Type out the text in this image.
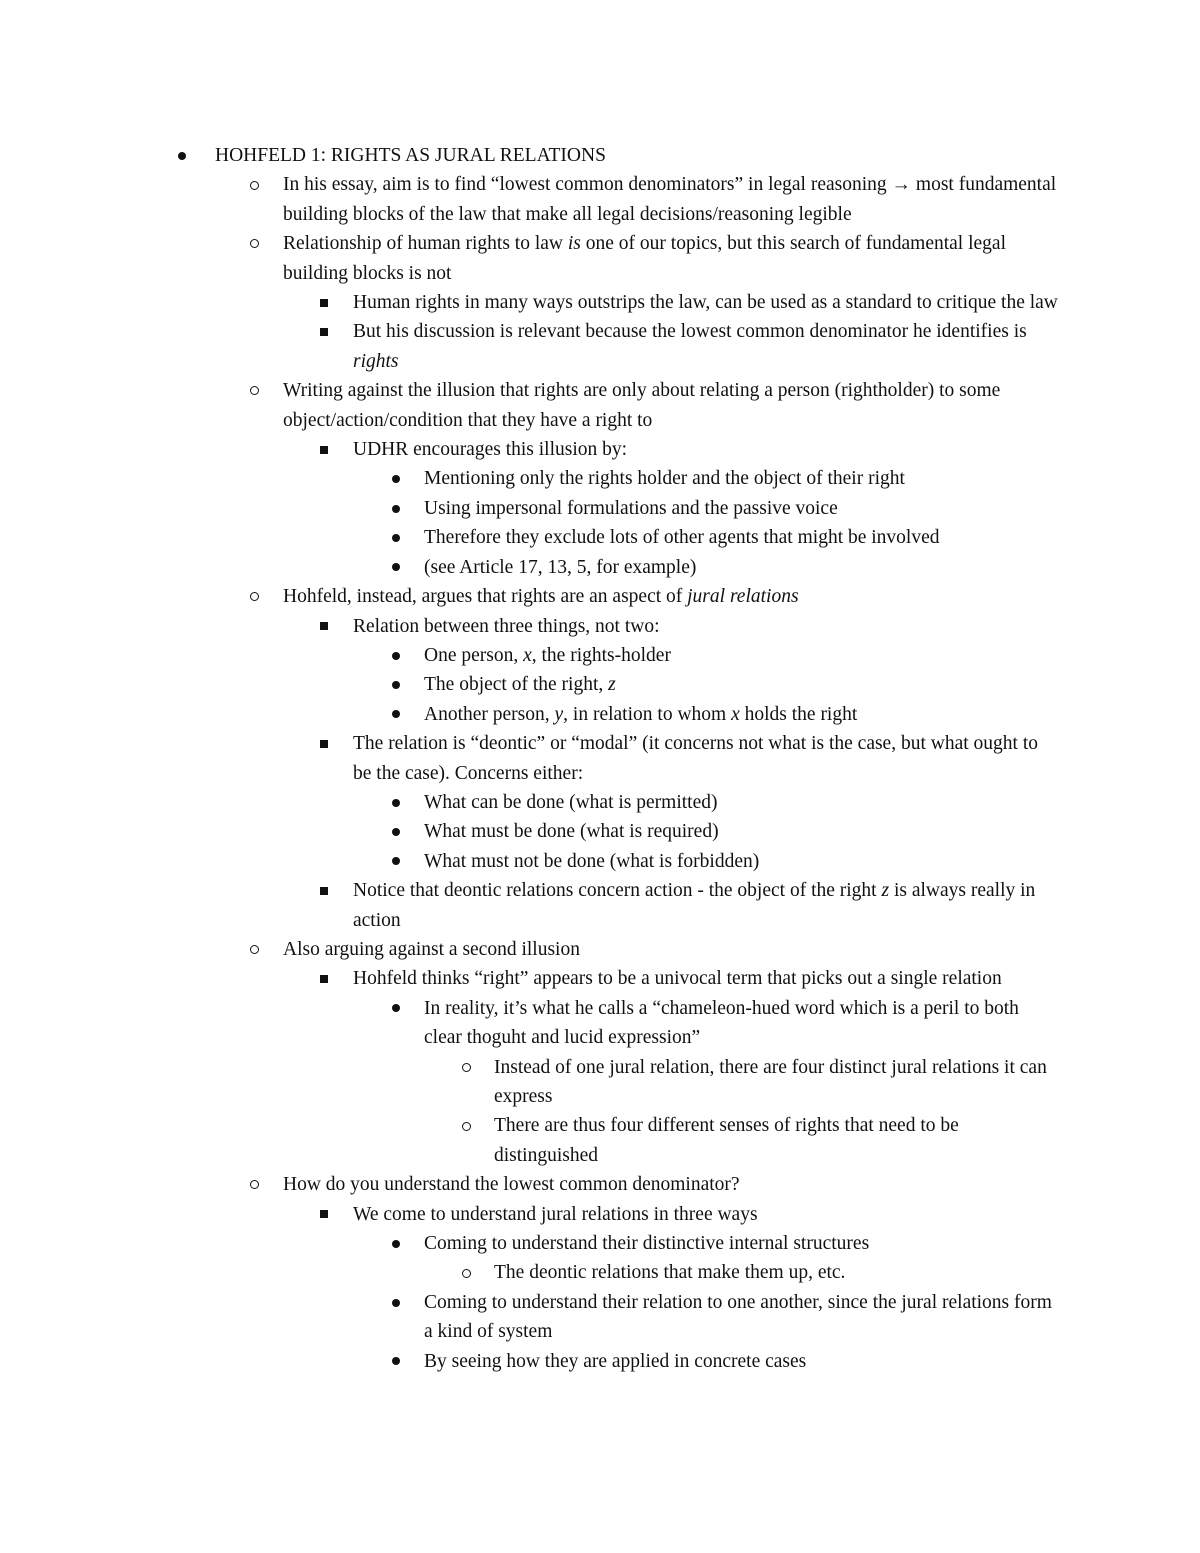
HOHFELD 1: RIGHTS AS JURAL RELATIONS
In his essay, aim is to find “lowest common denominators” in legal reasoning → most fundamental building blocks of the law that make all legal decisions/reasoning legible
Relationship of human rights to law is one of our topics, but this search of fundamental legal building blocks is not
Human rights in many ways outstrips the law, can be used as a standard to critique the law
But his discussion is relevant because the lowest common denominator he identifies is rights
Writing against the illusion that rights are only about relating a person (rightholder) to some object/action/condition that they have a right to
UDHR encourages this illusion by:
Mentioning only the rights holder and the object of their right
Using impersonal formulations and the passive voice
Therefore they exclude lots of other agents that might be involved
(see Article 17, 13, 5, for example)
Hohfeld, instead, argues that rights are an aspect of jural relations
Relation between three things, not two:
One person, x, the rights-holder
The object of the right, z
Another person, y, in relation to whom x holds the right
The relation is “deontic” or “modal” (it concerns not what is the case, but what ought to be the case). Concerns either:
What can be done (what is permitted)
What must be done (what is required)
What must not be done (what is forbidden)
Notice that deontic relations concern action - the object of the right z is always really in action
Also arguing against a second illusion
Hohfeld thinks “right” appears to be a univocal term that picks out a single relation
In reality, it’s what he calls a “chameleon-hued word which is a peril to both clear thoguht and lucid expression”
Instead of one jural relation, there are four distinct jural relations it can express
There are thus four different senses of rights that need to be distinguished
How do you understand the lowest common denominator?
We come to understand jural relations in three ways
Coming to understand their distinctive internal structures
The deontic relations that make them up, etc.
Coming to understand their relation to one another, since the jural relations form a kind of system
By seeing how they are applied in concrete cases
